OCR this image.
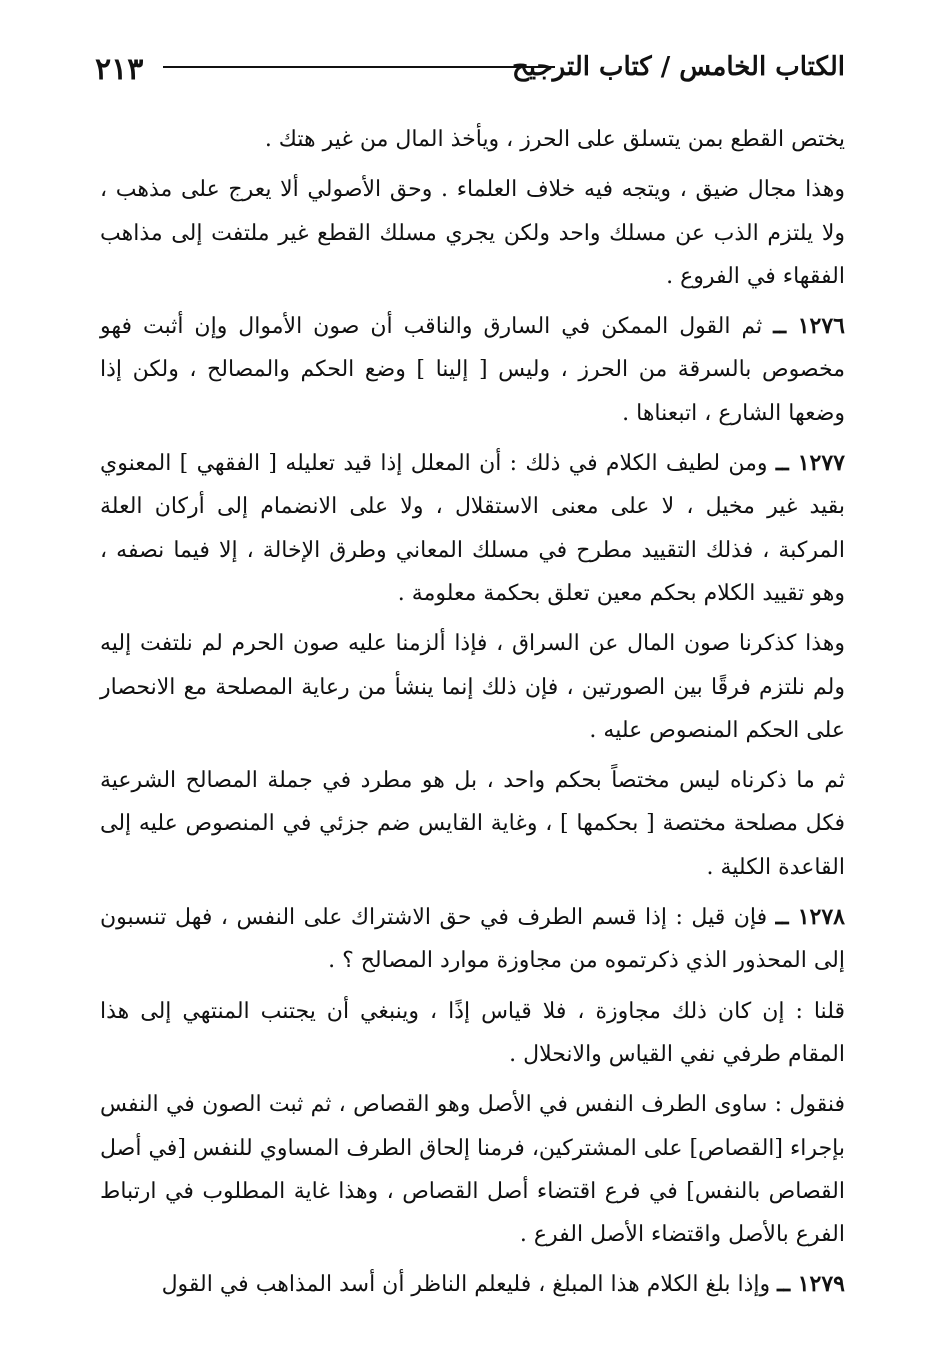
٢١٣	الكتاب الخامس / كتاب الترجيح

يختص القطع بمن يتسلق على الحرز ، ويأخذ المال من غير هتك .

وهذا مجال ضيق ، ويتجه فيه خلاف العلماء . وحق الأصولي ألا يعرج على مذهب ، ولا يلتزم الذب عن مسلك واحد ولكن يجري مسلك القطع غير ملتفت إلى مذاهب الفقهاء في الفروع .

١٢٧٦ ــ ثم القول الممكن في السارق والناقب أن صون الأموال وإن أثبت فهو مخصوص بالسرقة من الحرز ، وليس [ إلينا ] وضع الحكم والمصالح ، ولكن إذا وضعها الشارع ، اتبعناها .

١٢٧٧ ــ ومن لطيف الكلام في ذلك : أن المعلل إذا قيد تعليله [ الفقهي ] المعنوي بقيد غير مخيل ، لا على معنى الاستقلال ، ولا على الانضمام إلى أركان العلة المركبة ، فذلك التقييد مطرح في مسلك المعاني وطرق الإخالة ، إلا فيما نصفه ، وهو تقييد الكلام بحكم معين تعلق بحكمة معلومة .

وهذا كذكرنا صون المال عن السراق ، فإذا ألزمنا عليه صون الحرم لم نلتفت إليه ولم نلتزم فرقًا بين الصورتين ، فإن ذلك إنما ينشأ من رعاية المصلحة مع الانحصار على الحكم المنصوص عليه .

ثم ما ذكرناه ليس مختصاً بحكم واحد ، بل هو مطرد في جملة المصالح الشرعية فكل مصلحة مختصة [ بحكمها ] ، وغاية القايس ضم جزئي في المنصوص عليه إلى القاعدة الكلية .

١٢٧٨ ــ فإن قيل : إذا قسم الطرف في حق الاشتراك على النفس ، فهل تنسبون إلى المحذور الذي ذكرتموه من مجاوزة موارد المصالح ؟ .

قلنا : إن كان ذلك مجاوزة ، فلا قياس إذًا ، وينبغي أن يجتنب المنتهي إلى هذا المقام طرفي نفي القياس والانحلال .

فنقول : ساوى الطرف النفس في الأصل وهو القصاص ، ثم ثبت الصون في النفس بإجراء [القصاص] على المشتركين، فرمنا إلحاق الطرف المساوي للنفس [في أصل القصاص بالنفس] في فرع اقتضاء أصل القصاص ، وهذا غاية المطلوب في ارتباط الفرع بالأصل واقتضاء الأصل الفرع .

١٢٧٩ ــ وإذا بلغ الكلام هذا المبلغ ، فليعلم الناظر أن أسد المذاهب في القول
